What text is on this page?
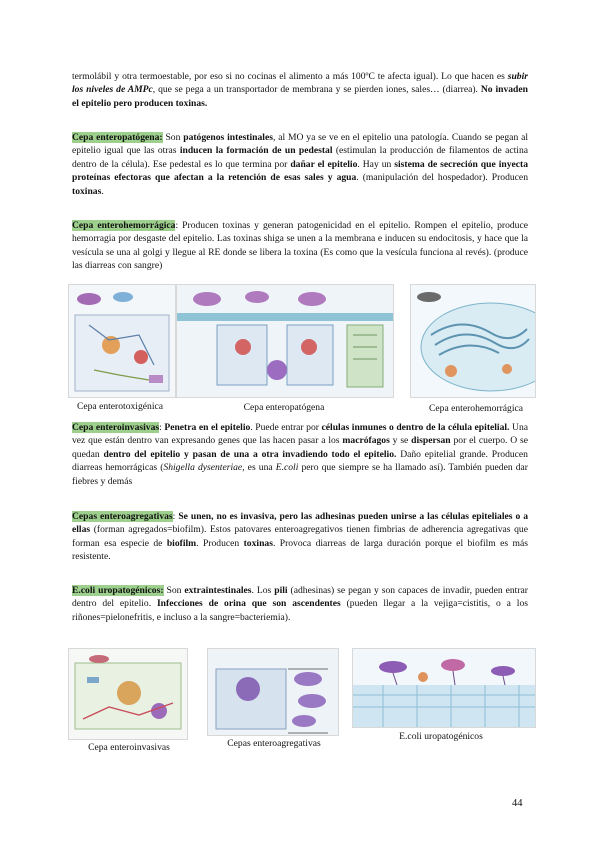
termolábil y otra termoestable, por eso si no cocinas el alimento a más 100ºC te afecta igual). Lo que hacen es subir los niveles de AMPc, que se pega a un transportador de membrana y se pierden iones, sales… (diarrea). No invaden el epitelio pero producen toxinas.

Cepa enteropatógena: Son patógenos intestinales, al MO ya se ve en el epitelio una patología. Cuando se pegan al epitelio igual que las otras inducen la formación de un pedestal (estimulan la producción de filamentos de actina dentro de la célula). Ese pedestal es lo que termina por dañar el epitelio. Hay un sistema de secreción que inyecta proteínas efectoras que afectan a la retención de esas sales y agua. (manipulación del hospedador). Producen toxinas.

Cepa enterohemorrágica: Producen toxinas y generan patogenicidad en el epitelio. Rompen el epitelio, produce hemorragia por desgaste del epitelio. Las toxinas shiga se unen a la membrana e inducen su endocitosis, y hace que la vesícula se una al golgi y llegue al RE donde se libera la toxina (Es como que la vesícula funciona al revés). (produce las diarreas con sangre)

Cepa enterotoxigénica	Cepa enteropatógena	Cepa enterohemorrágica

Cepa enteroinvasivas: Penetra en el epitelio. Puede entrar por células inmunes o dentro de la célula epitelial. Una vez que están dentro van expresando genes que las hacen pasar a los macrófagos y se dispersan por el cuerpo. O se quedan dentro del epitelio y pasan de una a otra invadiendo todo el epitelio. Daño epitelial grande. Producen diarreas hemorrágicas (Shigella dysenteriae, es una E.coli pero que siempre se ha llamado así). También pueden dar fiebres y demás

Cepas enteroagregativas: Se unen, no es invasiva, pero las adhesinas pueden unirse a las células epiteliales o a ellas (forman agregados=biofilm). Estos patovares enteroagregativos tienen fimbrias de adherencia agregativas que forman esa especie de biofilm. Producen toxinas. Provoca diarreas de larga duración porque el biofilm es más resistente.

E.coli uropatogénicos: Son extraintestinales. Los pili (adhesinas) se pegan y son capaces de invadir, pueden entrar dentro del epitelio. Infecciones de orina que son ascendentes (pueden llegar a la vejiga=cistitis, o a los riñones=pielonefritis, e incluso a la sangre=bacteriemia).

Cepa enteroinvasivas	Cepas enteroagregativas

E.coli uropatogénicos

44
